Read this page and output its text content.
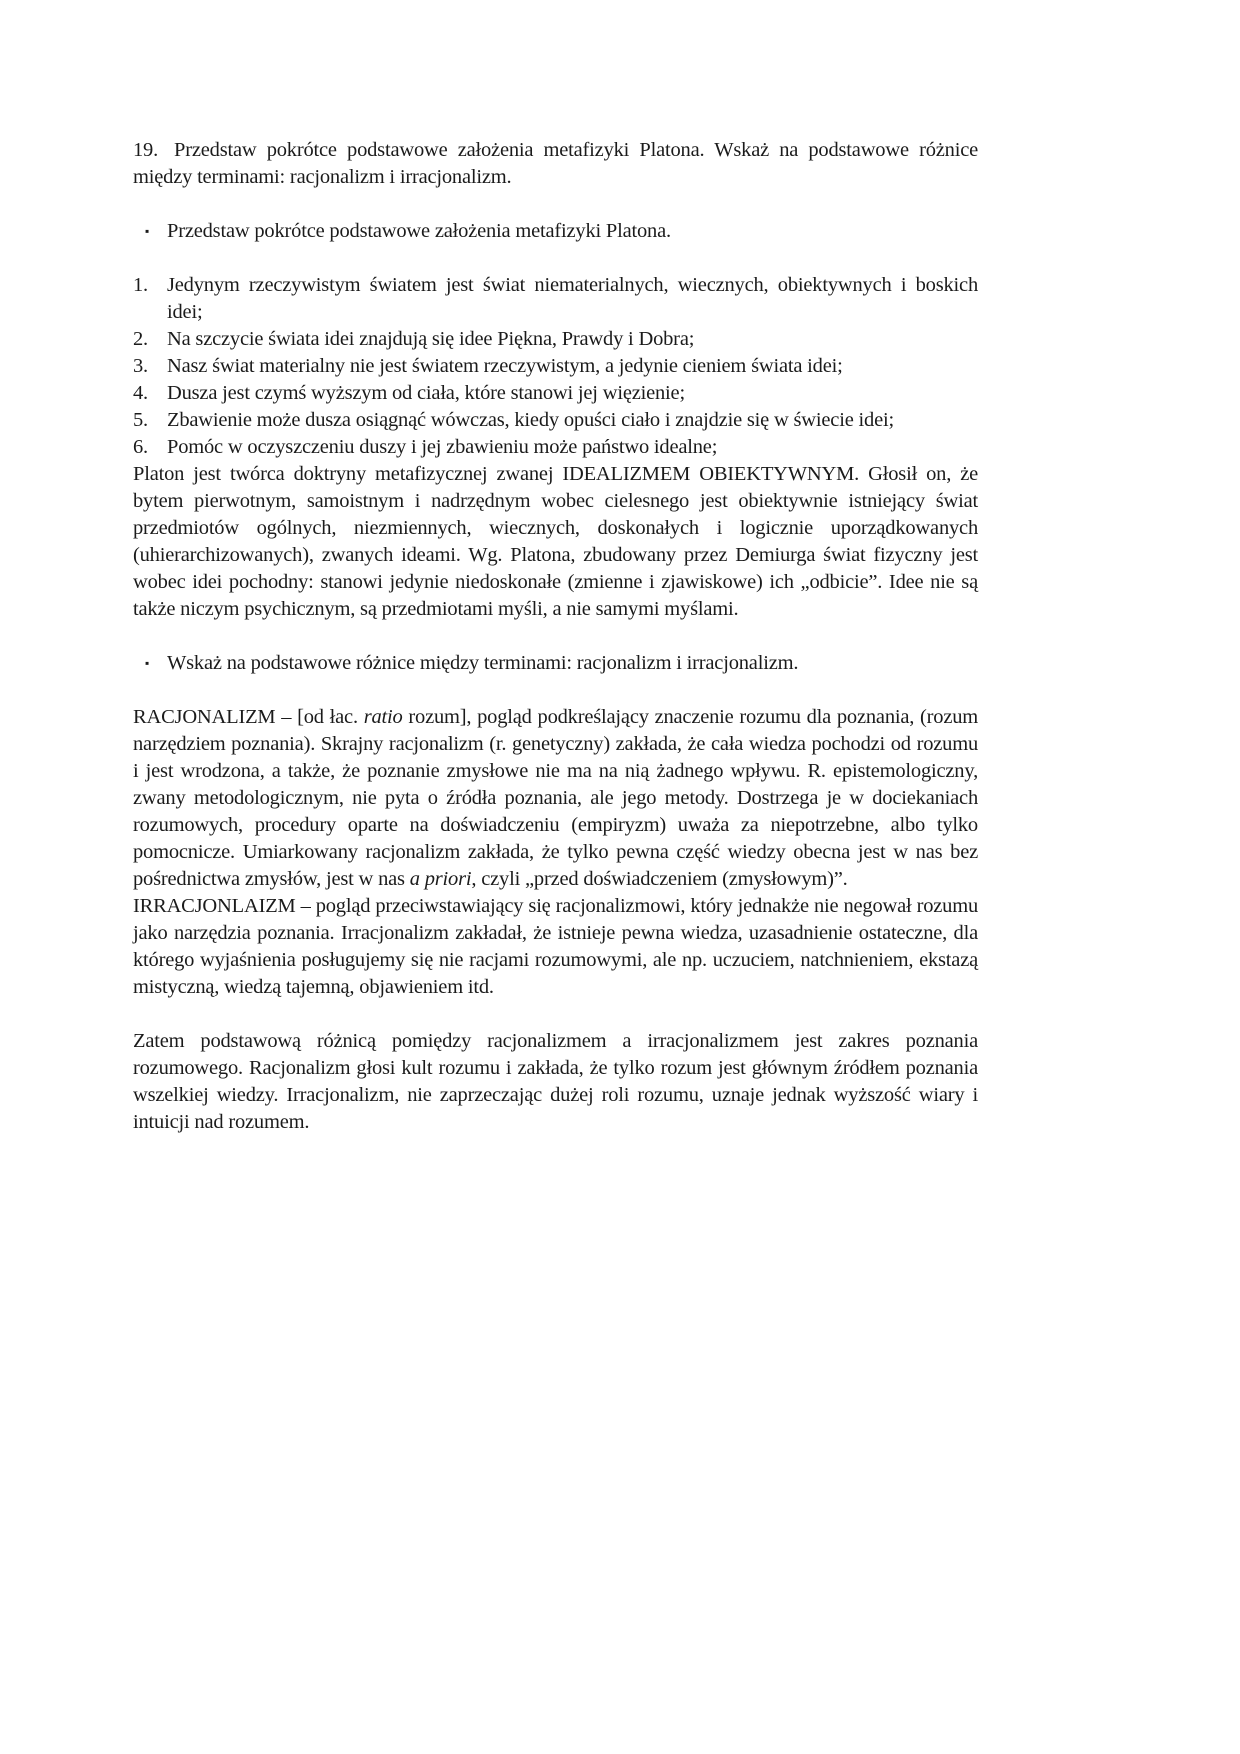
19. Przedstaw pokrótce podstawowe założenia metafizyki Platona. Wskaż na podstawowe różnice między terminami: racjonalizm i irracjonalizm.

▪ Przedstaw pokrótce podstawowe założenia metafizyki Platona.
1. Jedynym rzeczywistym światem jest świat niematerialnych, wiecznych, obiektywnych i boskich idei;
2. Na szczycie świata idei znajdują się idee Piękna, Prawdy i Dobra;
3. Nasz świat materialny nie jest światem rzeczywistym, a jedynie cieniem świata idei;
4. Dusza jest czymś wyższym od ciała, które stanowi jej więzienie;
5. Zbawienie może dusza osiągnąć wówczas, kiedy opuści ciało i znajdzie się w świecie idei;
6. Pomóc w oczyszczeniu duszy i jej zbawieniu może państwo idealne;

Platon jest twórca doktryny metafizycznej zwanej IDEALIZMEM OBIEKTYWNYM. Głosił on, że bytem pierwotnym, samoistnym i nadrzędnym wobec cielesnego jest obiektywnie istniejący świat przedmiotów ogólnych, niezmiennych, wiecznych, doskonałych i logicznie uporządkowanych (uhierarchizowanych), zwanych ideami. Wg. Platona, zbudowany przez Demiurga świat fizyczny jest wobec idei pochodny: stanowi jedynie niedoskonałe (zmienne i zjawiskowe) ich „odbicie”. Idee nie są także niczym psychicznym, są przedmiotami myśli, a nie samymi myślami.

▪ Wskaż na podstawowe różnice między terminami: racjonalizm i irracjonalizm.

RACJONALIZM – [od łac. ratio rozum], pogląd podkreślający znaczenie rozumu dla poznania, (rozum narzędziem poznania). Skrajny racjonalizm (r. genetyczny) zakłada, że cała wiedza pochodzi od rozumu i jest wrodzona, a także, że poznanie zmysłowe nie ma na nią żadnego wpływu. R. epistemologiczny, zwany metodologicznym, nie pyta o źródła poznania, ale jego metody. Dostrzega je w dociekaniach rozumowych, procedury oparte na doświadczeniu (empiryzm) uważa za niepotrzebne, albo tylko pomocnicze. Umiarkowany racjonalizm zakłada, że tylko pewna część wiedzy obecna jest w nas bez pośrednictwa zmysłów, jest w nas a priori, czyli „przed doświadczeniem (zmysłowym)”.

IRRACJONLAIZM – pogląd przeciwstawiający się racjonalizmowi, który jednakże nie negował rozumu jako narzędzia poznania. Irracjonalizm zakładał, że istnieje pewna wiedza, uzasadnienie ostateczne, dla którego wyjaśnienia posługujemy się nie racjami rozumowymi, ale np. uczuciem, natchnieniem, ekstazą mistyczną, wiedzą tajemną, objawieniem itd.

Zatem podstawową różnicą pomiędzy racjonalizmem a irracjonalizmem jest zakres poznania rozumowego. Racjonalizm głosi kult rozumu i zakłada, że tylko rozum jest głównym źródłem poznania wszelkiej wiedzy. Irracjonalizm, nie zaprzeczając dużej roli rozumu, uznaje jednak wyższość wiary i intuicji nad rozumem.
